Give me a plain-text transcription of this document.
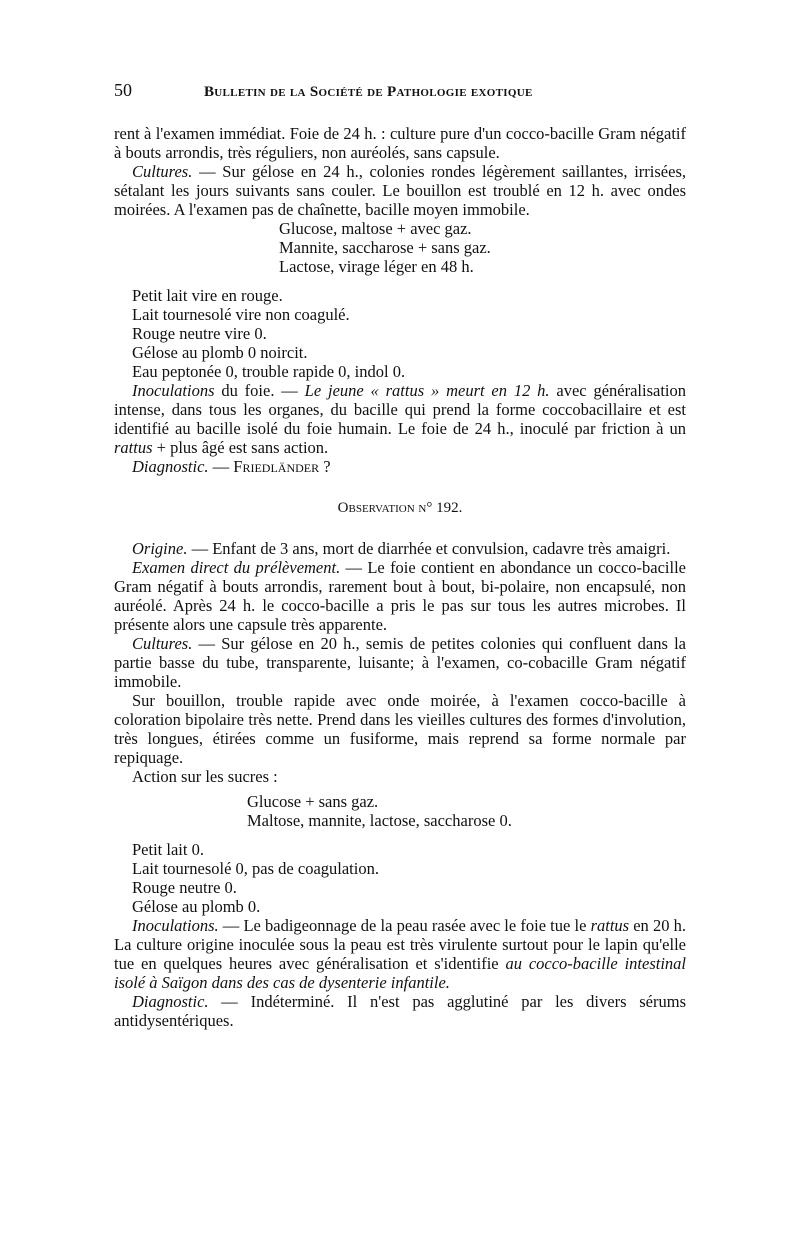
50	Bulletin de la Société de Pathologie exotique
rent à l'examen immédiat. Foie de 24 h. : culture pure d'un cocco-bacille Gram négatif à bouts arrondis, très réguliers, non auréolés, sans capsule.
Cultures. — Sur gélose en 24 h., colonies rondes légèrement saillantes, irrisées, sétalant les jours suivants sans couler. Le bouillon est troublé en 12 h. avec ondes moirées. A l'examen pas de chaînette, bacille moyen immobile.
Glucose, maltose + avec gaz.
Mannite, saccharose + sans gaz.
Lactose, virage léger en 48 h.
Petit lait vire en rouge.
Lait tournesolé vire non coagulé.
Rouge neutre vire 0.
Gélose au plomb 0 noircit.
Eau peptonée 0, trouble rapide 0, indol 0.
Inoculations du foie. — Le jeune « rattus » meurt en 12 h. avec généralisation intense, dans tous les organes, du bacille qui prend la forme coccobacillaire et est identifié au bacille isolé du foie humain. Le foie de 24 h., inoculé par friction à un rattus + plus âgé est sans action.
Diagnostic. — Friedländer ?
Observation n° 192.
Origine. — Enfant de 3 ans, mort de diarrhée et convulsion, cadavre très amaigri.
Examen direct du prélèvement. — Le foie contient en abondance un cocco-bacille Gram négatif à bouts arrondis, rarement bout à bout, bi-polaire, non encapsulé, non auréolé. Après 24 h. le cocco-bacille a pris le pas sur tous les autres microbes. Il présente alors une capsule très apparente.
Cultures. — Sur gélose en 20 h., semis de petites colonies qui confluent dans la partie basse du tube, transparente, luisante; à l'examen, co-cobacille Gram négatif immobile.
Sur bouillon, trouble rapide avec onde moirée, à l'examen cocco-bacille à coloration bipolaire très nette. Prend dans les vieilles cultures des formes d'involution, très longues, étirées comme un fusiforme, mais reprend sa forme normale par repiquage.
Action sur les sucres :
Glucose + sans gaz.
Maltose, mannite, lactose, saccharose 0.
Petit lait 0.
Lait tournesolé 0, pas de coagulation.
Rouge neutre 0.
Gélose au plomb 0.
Inoculations. — Le badigeonnage de la peau rasée avec le foie tue le rattus en 20 h. La culture origine inoculée sous la peau est très virulente surtout pour le lapin qu'elle tue en quelques heures avec généralisation et s'identifie au cocco-bacille intestinal isolé à Saïgon dans des cas de dysenterie infantile.
Diagnostic. — Indéterminé. Il n'est pas agglutiné par les divers sérums antidysentériques.
